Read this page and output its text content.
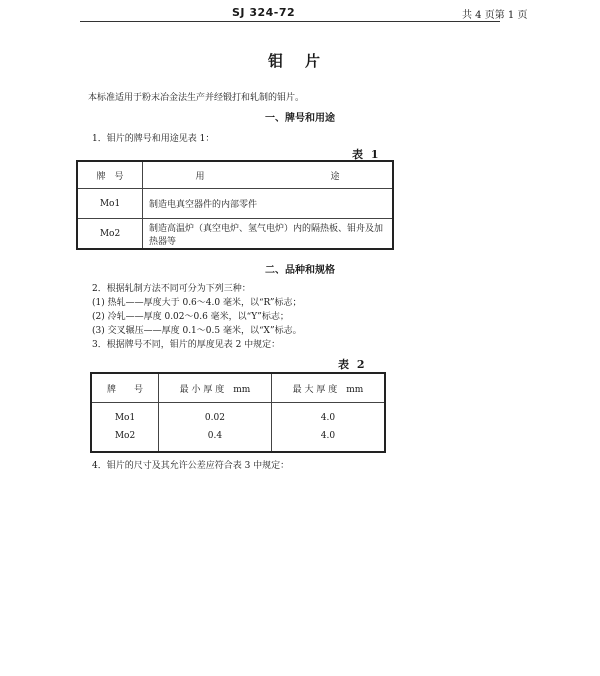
SJ 324-72	共 4 页第 1 页
钼片
本标准适用于粉末冶金法生产并经锻打和轧制的钼片。
一、牌号和用途
1．钼片的牌号和用途见表 1：
表 1
牌　号	用　　　　　　　　　　　　　　途
Mo1	制造电真空器件的内部零件
Mo2	制造高温炉（真空电炉、氢气电炉）内的隔热板、钼舟及加热器等
二、品种和规格
2．根据轧制方法不同可分为下列三种：
(1) 热轧——厚度大于 0.6～4.0 毫米，以“R”标志；
(2) 冷轧——厚度 0.02～0.6 毫米，以“Y”标志；
(3) 交叉辗压——厚度 0.1～0.5 毫米，以“X”标志。
3．根据牌号不同，钼片的厚度见表 2 中规定：
表 2
牌　　号	最 小 厚 度　mm	最 大 厚 度　mm
Mo1	0.02	4.0
Mo2	0.4	4.0
4．钼片的尺寸及其允许公差应符合表 3 中规定：
